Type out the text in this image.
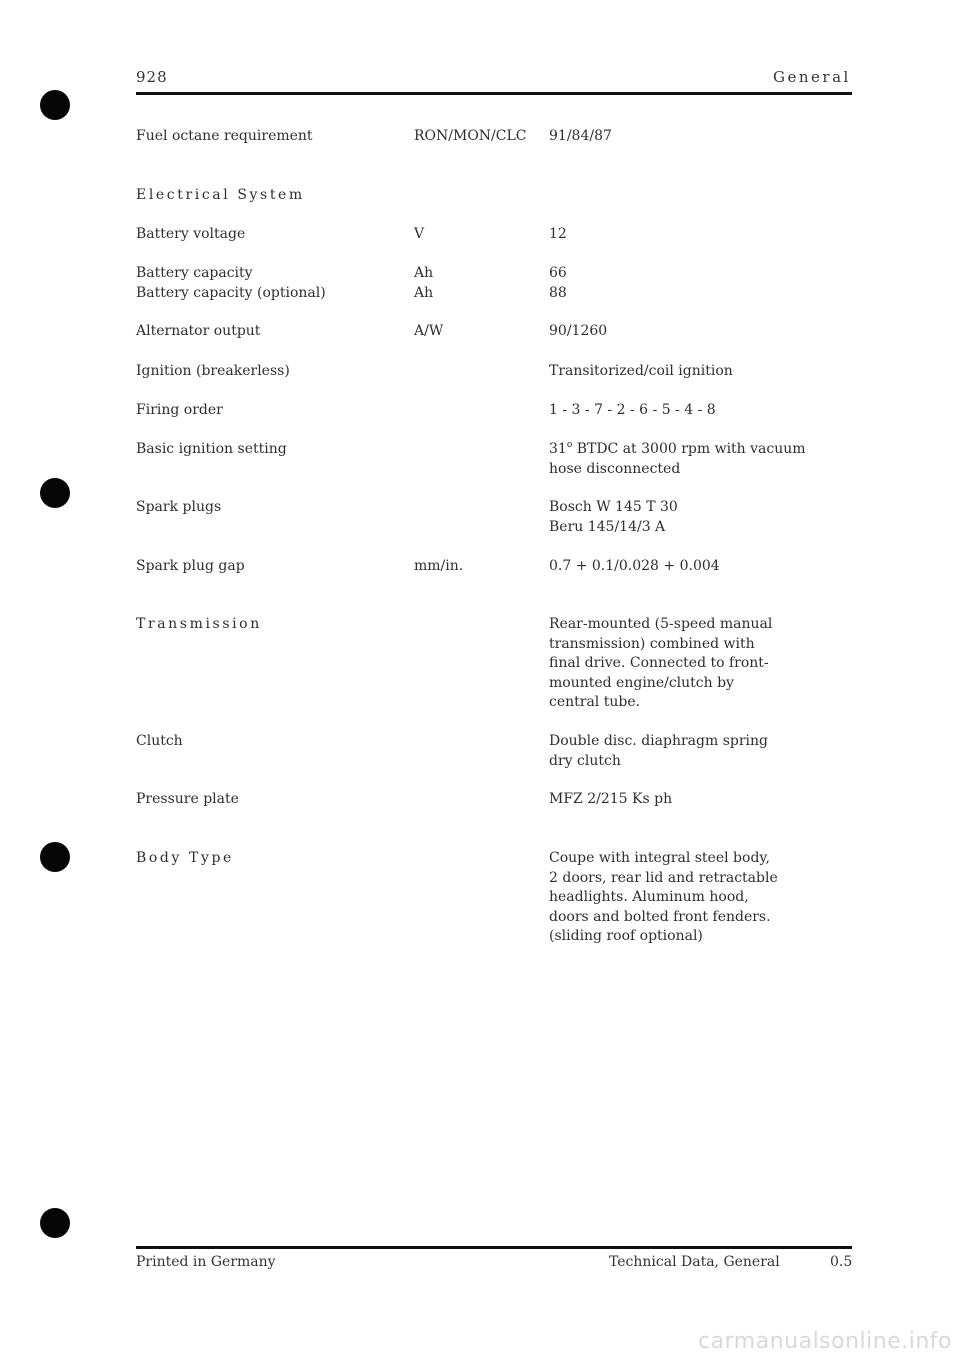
928	General
Fuel octane requirement	RON/MON/CLC 91/84/87
Electrical System
Battery voltage	V	12
Battery capacity	Ah	66
Battery capacity (optional)	Ah	88
Alternator output	A/W	90/1260
Ignition (breakerless)	Transitorized/coil ignition
Firing order	1 - 3 - 7 - 2 - 6 - 5 - 4 - 8
Basic ignition setting	31$^o$ BTDC at 3000 rpm with vacuum
hose disconnected
Spark plugs	Bosch W 145 T 30
Beru 145/14/3 A
Spark plug gap	mm/in.	0.7 + 0.1/0.028 + 0.004
Transmission	Rear-mounted (5-speed manual
transmission) combined with
final drive. Connected to front-
mounted engine/clutch by
central tube.
Clutch	Double disc. diaphragm spring
dry clutch
Pressure plate	MFZ 2/215 Ks ph
Body Type	Coupe with integral steel body,
2 doors, rear lid and retractable
headlights. Aluminum hood,
doors and bolted front fenders.
(sliding roof optional)
Printed in Germany	Technical Data, General	0.5
carmanualsonline.info
